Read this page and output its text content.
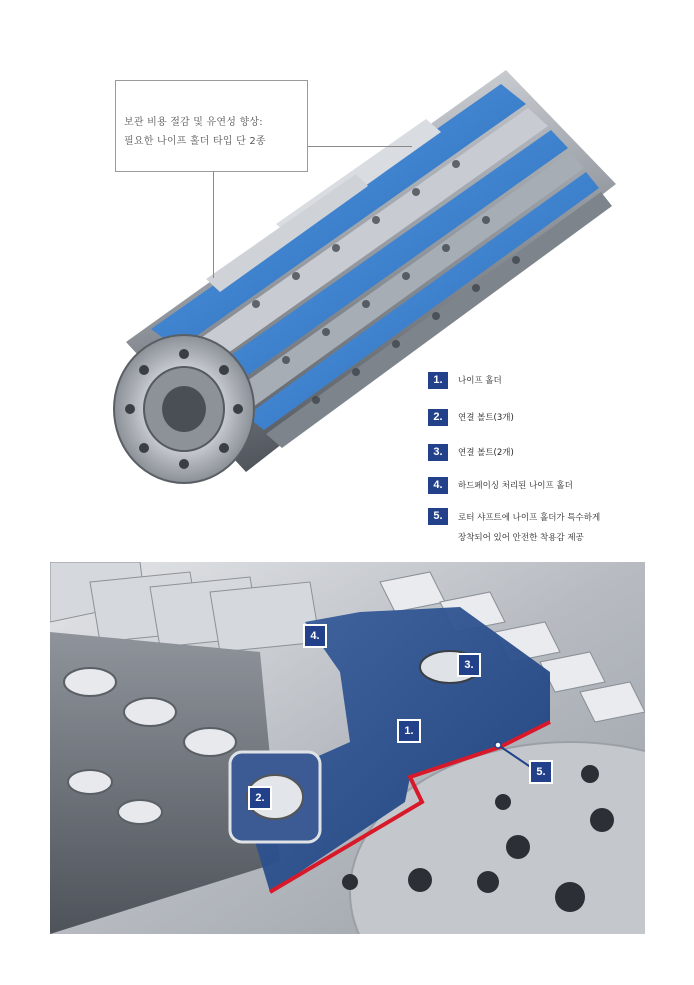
보관 비용 절감 및 유연성 향상:
필요한 나이프 홀더 타입 단 2종
1.	나이프 홀더
2.	연결 볼트(3개)
3.	연결 볼트(2개)
4.	하드페이싱 처리된 나이프 홀더
5.	로터 샤프트에 나이프 홀더가 특수하게
장착되어 있어 안전한 착용감 제공
4.
3.
1.
5.
2.
